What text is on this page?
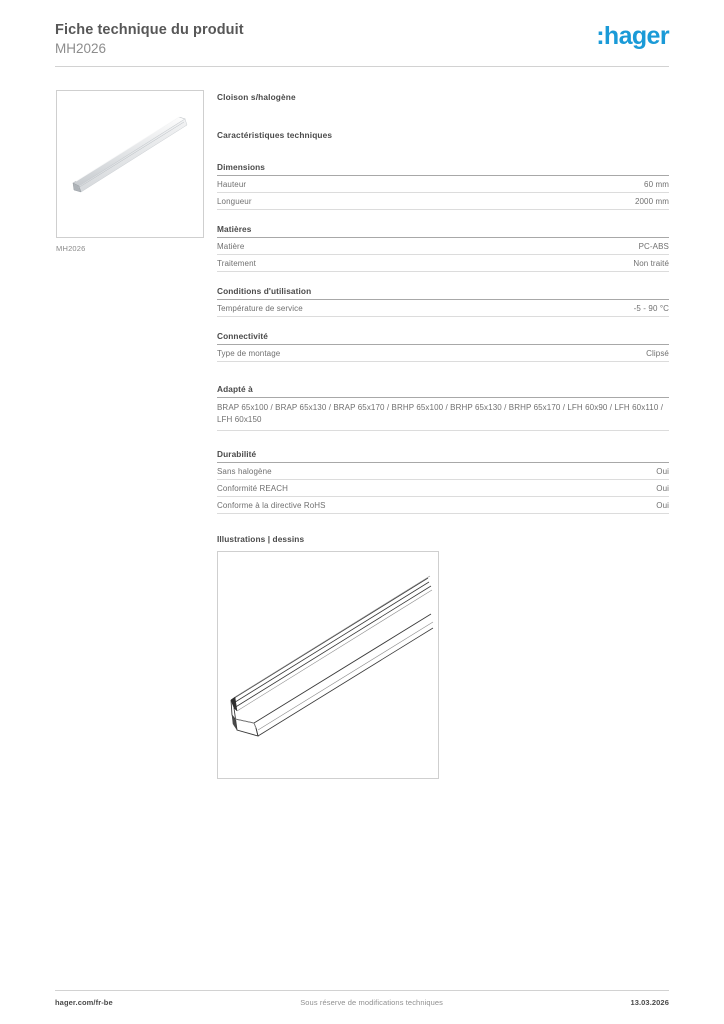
Fiche technique du produit
MH2026	:hager
MH2026
Cloison s/halogène
Caractéristiques techniques
Dimensions
Hauteur	60 mm
Longueur	2000 mm
Matières
Matière	PC-ABS
Traitement	Non traité
Conditions d'utilisation
Température de service	-5 - 90 °C
Connectivité
Type de montage	Clipsé
Adapté à
BRAP 65x100 / BRAP 65x130 / BRAP 65x170 / BRHP 65x100 / BRHP 65x130 / BRHP 65x170 / LFH 60x90 / LFH 60x110 / LFH 60x150
Durabilité
Sans halogène	Oui
Conformité REACH	Oui
Conforme à la directive RoHS	Oui
Illustrations | dessins
hager.com/fr-be	Sous réserve de modifications techniques	13.03.2026
